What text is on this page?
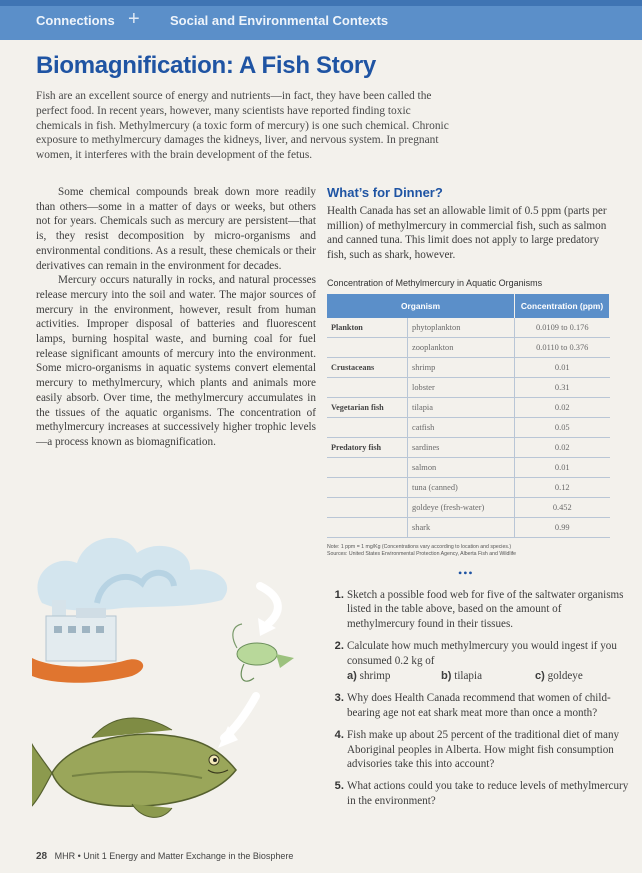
Connections + Social and Environmental Contexts
Biomagnification: A Fish Story

Fish are an excellent source of energy and nutrients—in fact, they have been called the perfect food. In recent years, however, many scientists have reported finding toxic chemicals in fish. Methylmercury (a toxic form of mercury) is one such chemical. Chronic exposure to methylmercury damages the kidneys, liver, and nervous system. In pregnant women, it interferes with the brain development of the fetus.

Some chemical compounds break down more readily than others—some in a matter of days or weeks, but others not for years. Chemicals such as mercury are persistent—that is, they resist decomposition by micro-organisms and environmental conditions. As a result, these chemicals or their derivatives can remain in the environment for decades.

Mercury occurs naturally in rocks, and natural processes release mercury into the soil and water. The major sources of mercury in the environment, however, result from human activities. Improper disposal of batteries and fluorescent lamps, burning hospital waste, and burning coal for fuel release significant amounts of mercury into the environment. Some micro-organisms in aquatic systems convert elemental mercury to methylmercury, which plants and animals more easily absorb. Over time, the methylmercury accumulates in the tissues of the aquatic organisms. The concentration of methylmercury increases at successively higher trophic levels—a process known as biomagnification.

What’s for Dinner?

Health Canada has set an allowable limit of 0.5 ppm (parts per million) of methylmercury in commercial fish, such as salmon and canned tuna. This limit does not apply to large predatory fish, such as shark, however.

Concentration of Methylmercury in Aquatic Organisms
Organism		Concentration (ppm)
Plankton	phytoplankton	0.0109 to 0.176
	zooplankton	0.0110 to 0.376
Crustaceans	shrimp	0.01
	lobster	0.31
Vegetarian fish	tilapia	0.02
	catfish	0.05
Predatory fish	sardines	0.02
	salmon	0.01
	tuna (canned)	0.12
	goldeye (fresh-water)	0.452
	shark	0.99
Note: 1 ppm = 1 mg/Kg (Concentrations vary according to location and species.)
Sources: United States Environmental Protection Agency, Alberta Fish and Wildlife
•••
1. Sketch a possible food web for five of the saltwater organisms listed in the table above, based on the amount of methylmercury found in their tissues.
2. Calculate how much methylmercury you would ingest if you consumed 0.2 kg of
a) shrimp	b) tilapia	c) goldeye
3. Why does Health Canada recommend that women of child-bearing age not eat shark meat more than once a month?
4. Fish make up about 25 percent of the traditional diet of many Aboriginal peoples in Alberta. How might fish consumption advisories take this into account?
5. What actions could you take to reduce levels of methylmercury in the environment?
28 MHR • Unit 1 Energy and Matter Exchange in the Biosphere
